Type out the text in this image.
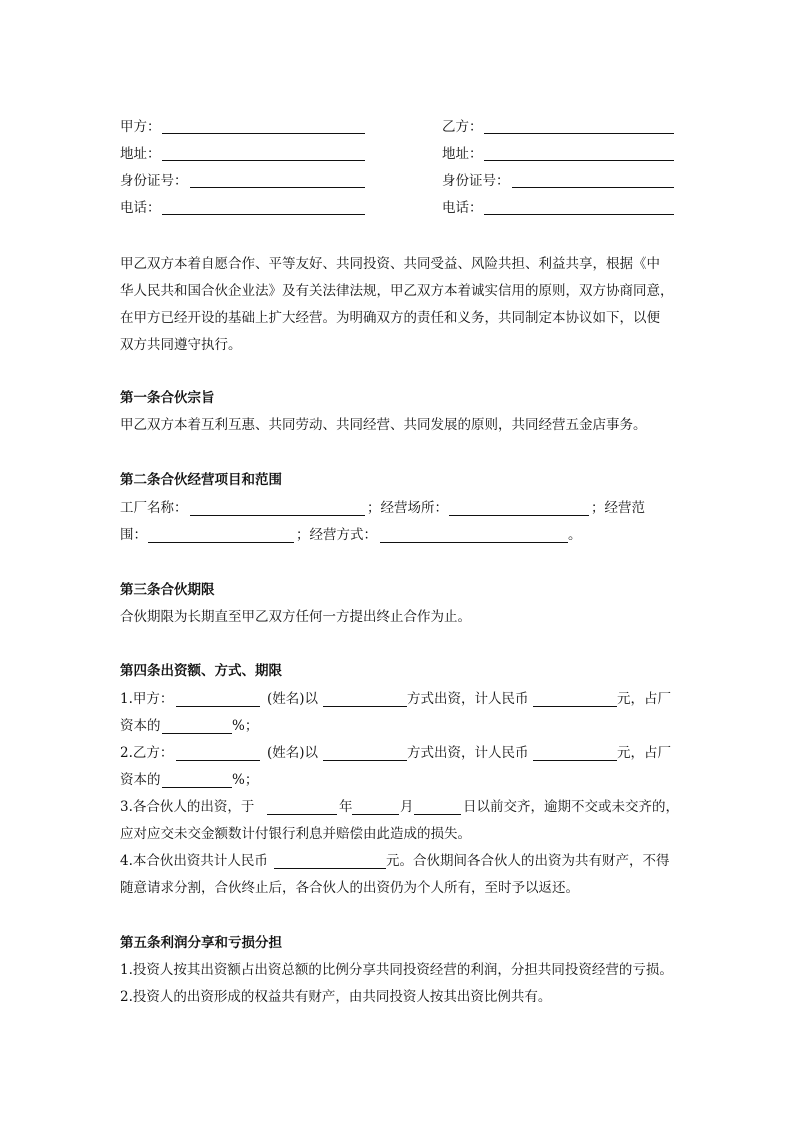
甲方：	乙方：
地址：	地址：
身份证号：	身份证号：
电话：	电话：
甲乙双方本着自愿合作、平等友好、共同投资、共同受益、风险共担、利益共享，根据《中
华人民共和国合伙企业法》及有关法律法规，甲乙双方本着诚实信用的原则，双方协商同意，
在甲方已经开设的基础上扩大经营。为明确双方的责任和义务，共同制定本协议如下，以便
双方共同遵守执行。
第一条合伙宗旨
甲乙双方本着互利互惠、共同劳动、共同经营、共同发展的原则，共同经营五金店事务。
第二条合伙经营项目和范围
工厂名称：	；经营场所：	；经营范
围：	；经营方式：	。
第三条合伙期限
合伙期限为长期直至甲乙双方任何一方提出终止合作为止。
第四条出资额、方式、期限
1.甲方：	(姓名)以	方式出资，计人民币	元，占厂
资本的	%；
2.乙方：	(姓名)以	方式出资，计人民币	元，占厂
资本的	%；
3.各合伙人的出资，于	年	月	日以前交齐，逾期不交或未交齐的，
应对应交未交金额数计付银行利息并赔偿由此造成的损失。
4.本合伙出资共计人民币	元。合伙期间各合伙人的出资为共有财产，不得
随意请求分割，合伙终止后，各合伙人的出资仍为个人所有，至时予以返还。
第五条利润分享和亏损分担
1.投资人按其出资额占出资总额的比例分享共同投资经营的利润，分担共同投资经营的亏损。
2.投资人的出资形成的权益共有财产，由共同投资人按其出资比例共有。
